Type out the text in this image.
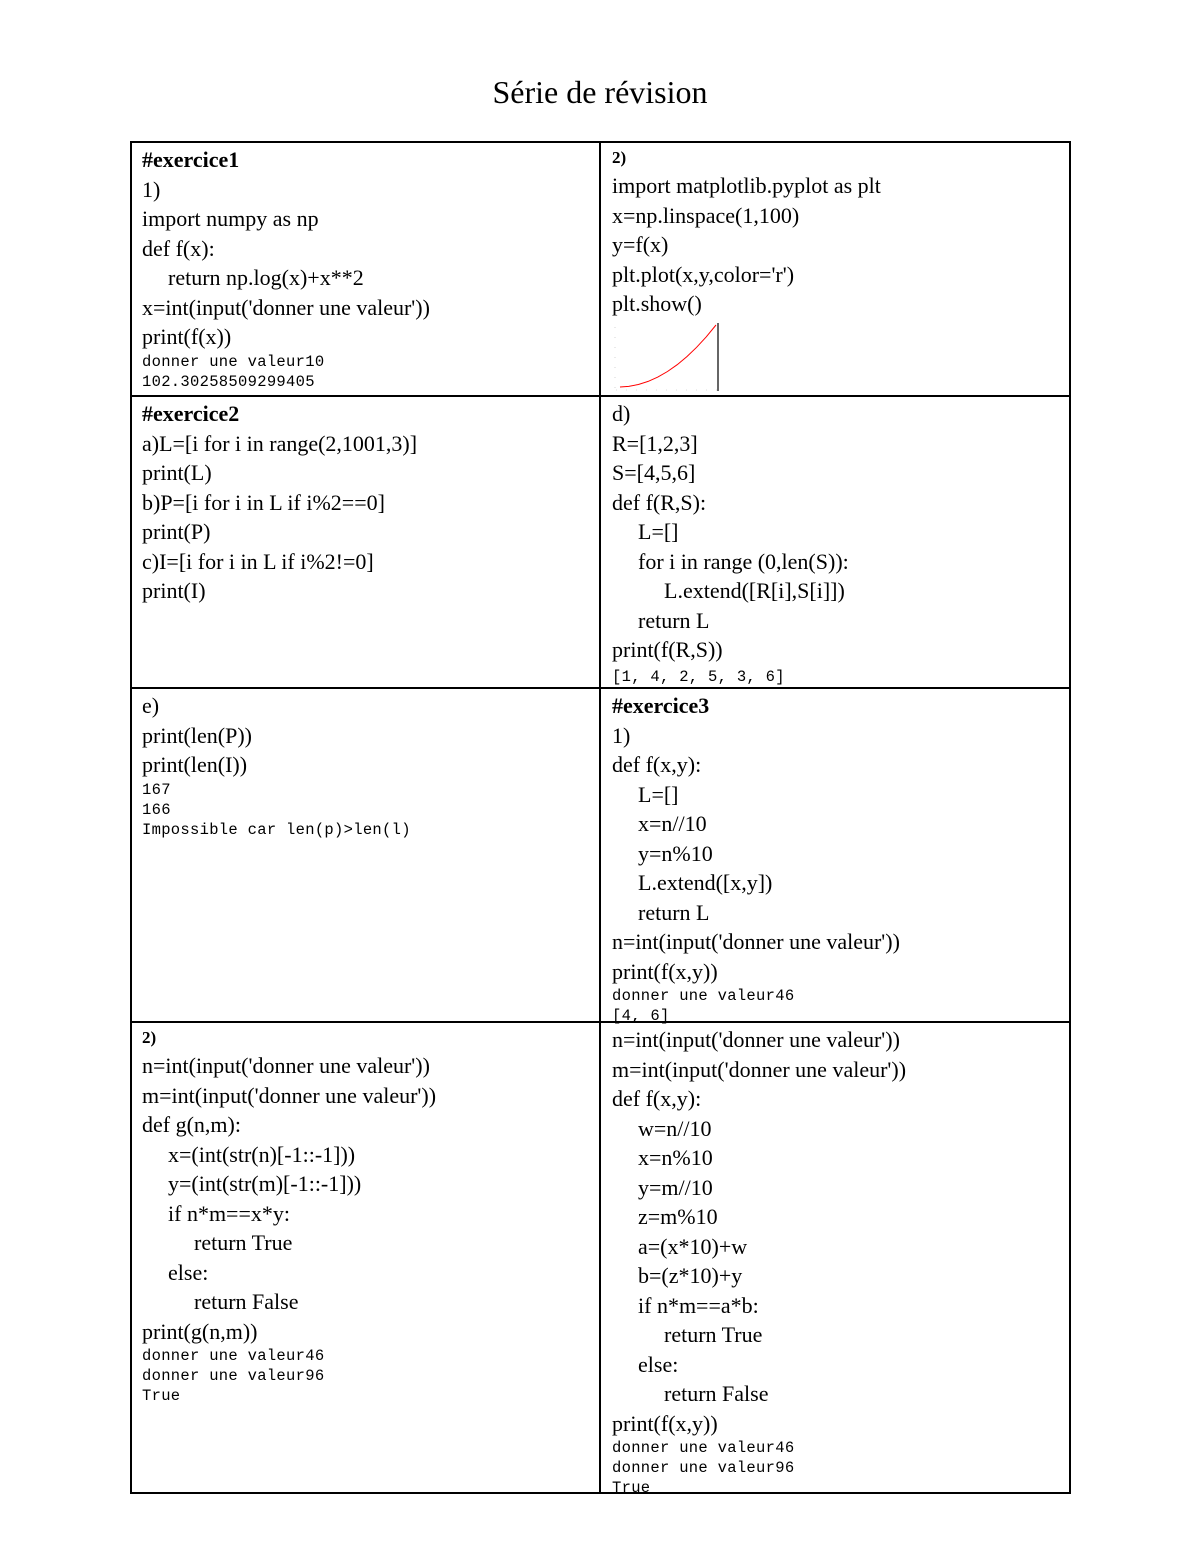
Série de révision
#exercice1
1)
import numpy as np
def f(x):
return np.log(x)+x**2
x=int(input('donner une valeur'))
print(f(x))
donner une valeur10
102.30258509299405
2)
import matplotlib.pyplot as plt
x=np.linspace(1,100)
y=f(x)
plt.plot(x,y,color='r')
plt.show()
#exercice2
a)L=[i for i in range(2,1001,3)]
print(L)
b)P=[i for i in L if i%2==0]
print(P)
c)I=[i for i in L if i%2!=0]
print(I)
d)
R=[1,2,3]
S=[4,5,6]
def f(R,S):
L=[]
for i in range (0,len(S)):
L.extend([R[i],S[i]])
return L
print(f(R,S))
[1, 4, 2, 5, 3, 6]
e)
print(len(P))
print(len(I))
167
166
Impossible car len(p)>len(l)
#exercice3
1)
def f(x,y):
L=[]
x=n//10
y=n%10
L.extend([x,y])
return L
n=int(input('donner une valeur'))
print(f(x,y))
donner une valeur46
[4, 6]
2)
n=int(input('donner une valeur'))
m=int(input('donner une valeur'))
def g(n,m):
x=(int(str(n)[-1::-1]))
y=(int(str(m)[-1::-1]))
if n*m==x*y:
return True
else:
return False
print(g(n,m))
donner une valeur46
donner une valeur96
True
n=int(input('donner une valeur'))
m=int(input('donner une valeur'))
def f(x,y):
w=n//10
x=n%10
y=m//10
z=m%10
a=(x*10)+w
b=(z*10)+y
if n*m==a*b:
return True
else:
return False
print(f(x,y))
donner une valeur46
donner une valeur96
True
